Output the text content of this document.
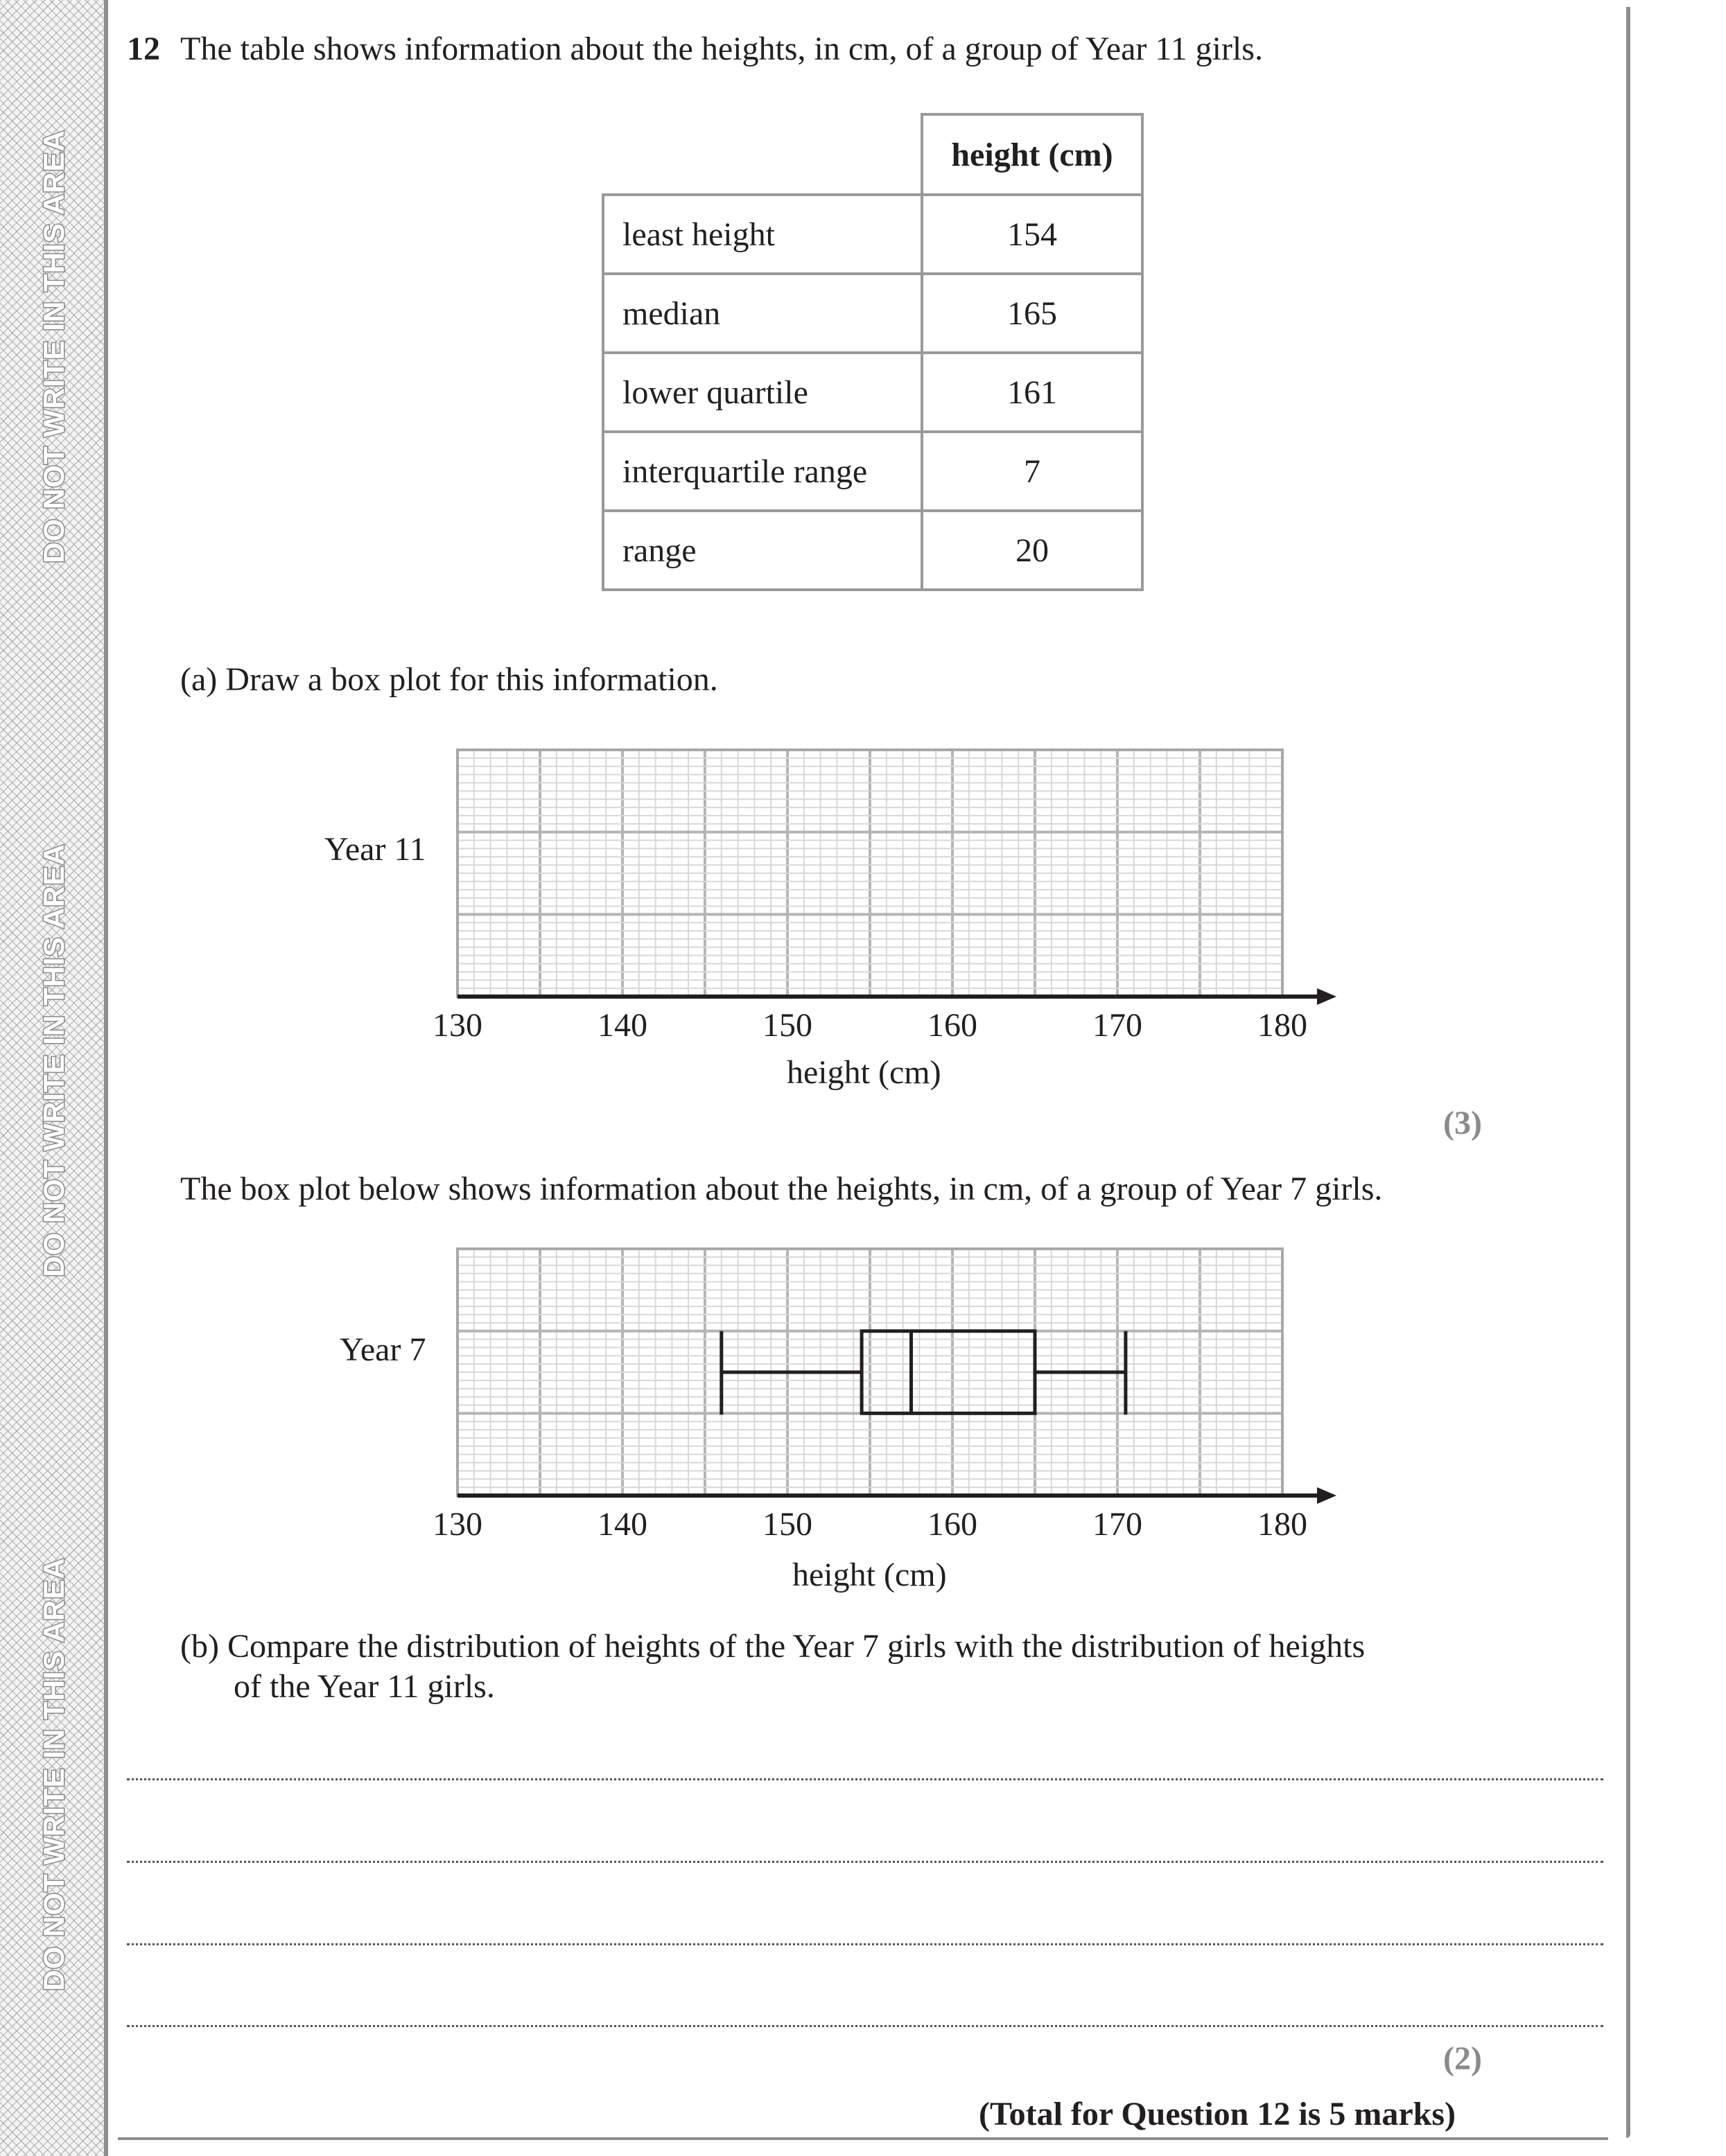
DO NOT WRITE IN THIS AREA
DO NOT WRITE IN THIS AREA
DO NOT WRITE IN THIS AREA
12 The table shows information about the heights, in cm, of a group of Year 11 girls.
	height (cm)
least height	154
median	165
lower quartile	161
interquartile range	7
range	20
(a) Draw a box plot for this information.
Year 11
130	140	150	160	170	180
height (cm)
(3)
The box plot below shows information about the heights, in cm, of a group of Year 7 girls.
Year 7
130	140	150	160	170	180
height (cm)
(b) Compare the distribution of heights of the Year 7 girls with the distribution of heights
of the Year 11 girls.
(2)
(Total for Question 12 is 5 marks)
